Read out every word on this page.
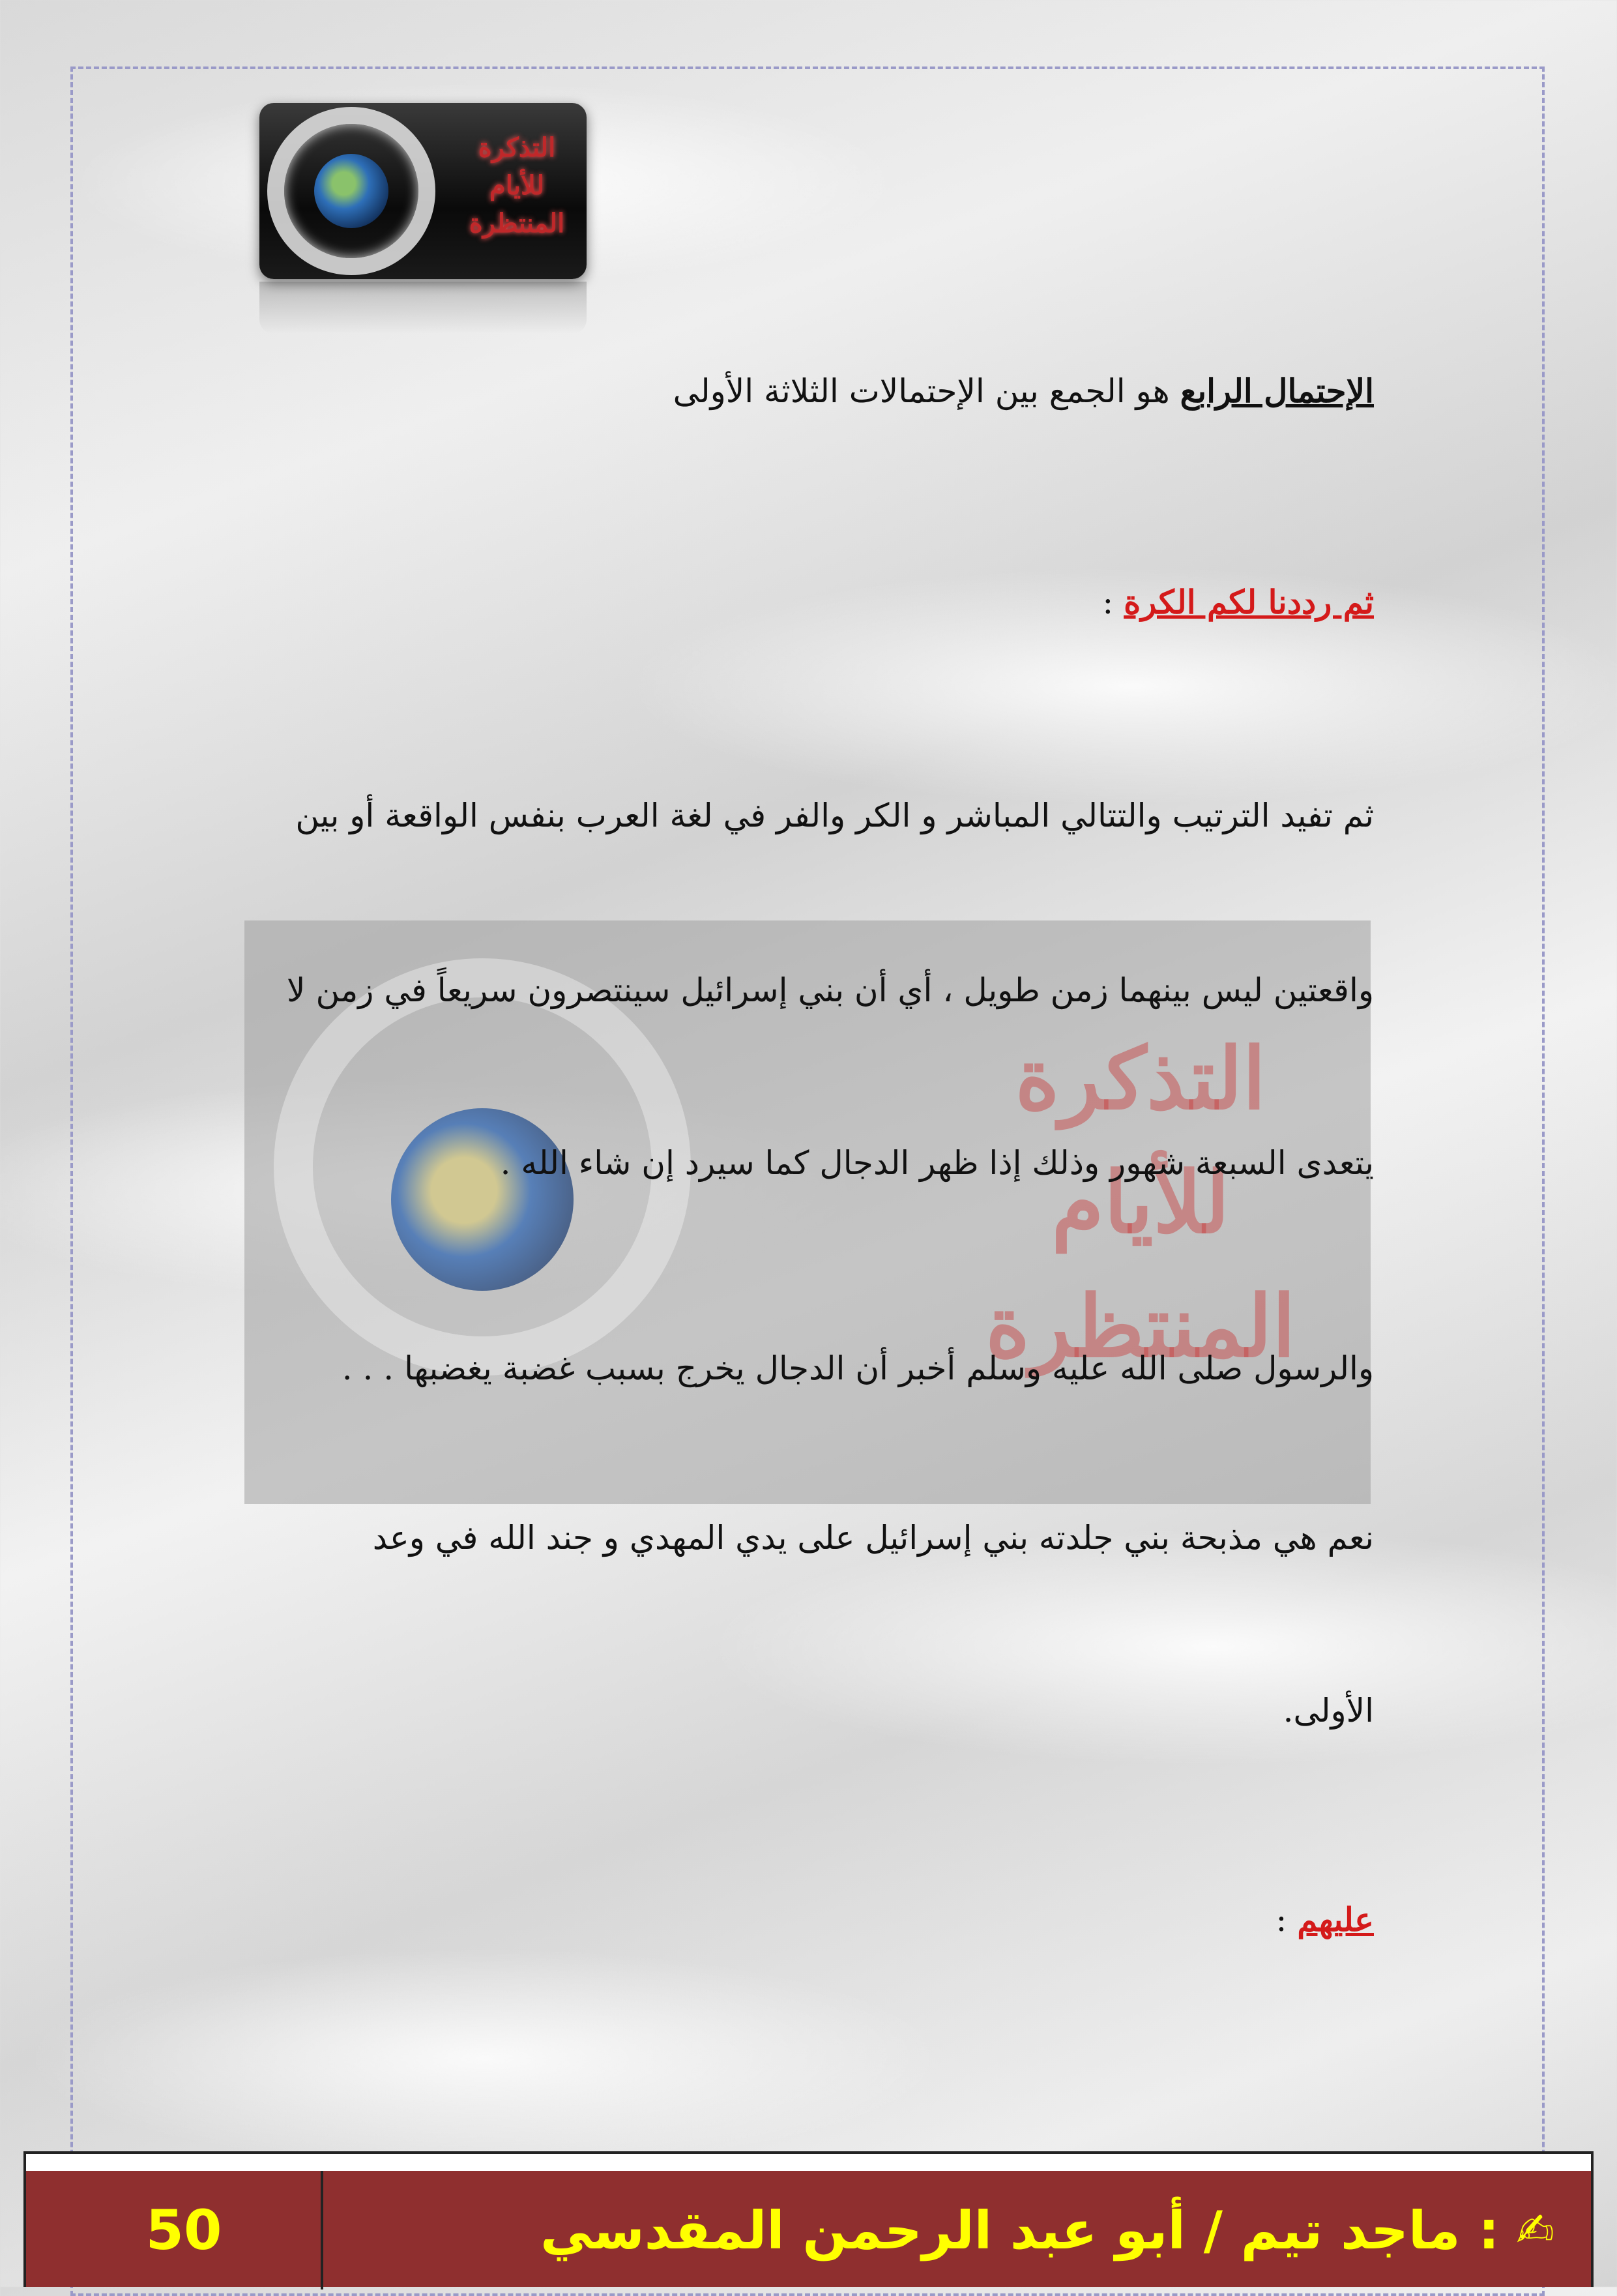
التذكرة
للأيام
المنتظرة
التذكرة
للأيام
المنتظرة
الإحتمال الرابع هو الجمع بين الإحتمالات الثلاثة الأولى
ثم رددنا لكم الكرة :
ثم تفيد الترتيب والتتالي المباشر و الكر والفر في لغة العرب بنفس الواقعة أو بين
واقعتين ليس بينهما زمن طويل ، أي أن بني إسرائيل سينتصرون سريعاً في زمن لا
يتعدى السبعة شهور وذلك إذا ظهر الدجال كما سيرد إن شاء الله .
والرسول صلى الله عليه وسلم أخبر أن الدجال يخرج بسبب غضبة يغضبها . . .
نعم هي مذبحة بني جلدته بني إسرائيل على يدي المهدي و جند الله في وعد
الأولى.
عليهم :
✍
: ماجد تيم / أبو عبد الرحمن المقدسي
50
